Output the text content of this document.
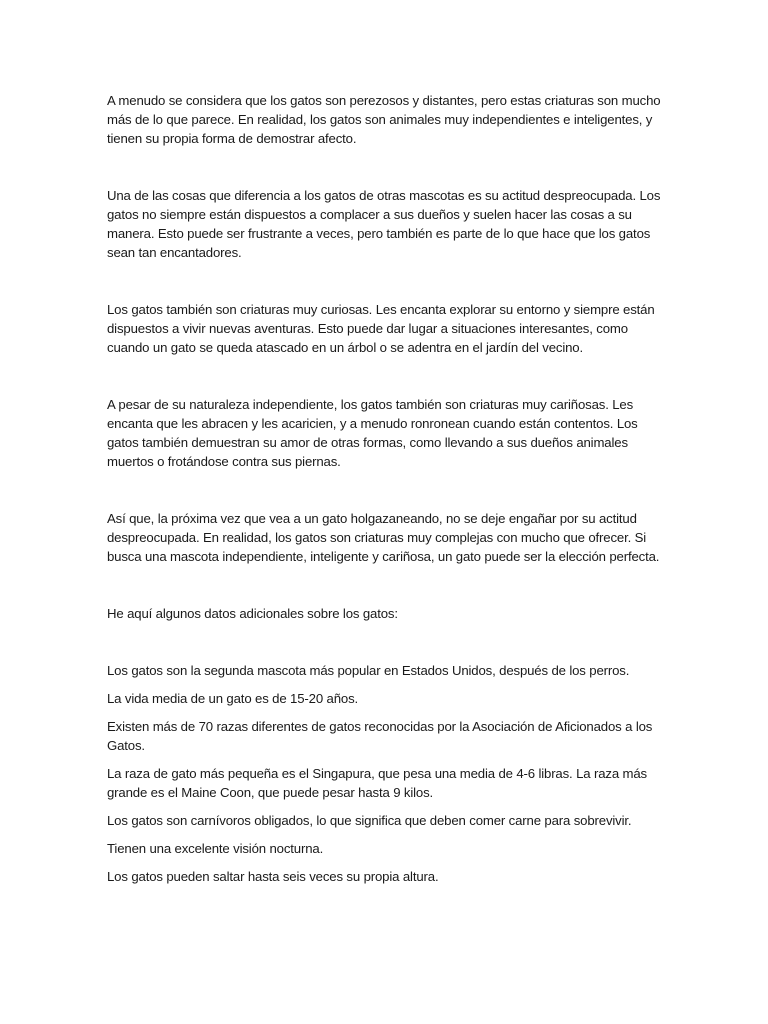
A menudo se considera que los gatos son perezosos y distantes, pero estas criaturas son mucho más de lo que parece. En realidad, los gatos son animales muy independientes e inteligentes, y tienen su propia forma de demostrar afecto.

Una de las cosas que diferencia a los gatos de otras mascotas es su actitud despreocupada. Los gatos no siempre están dispuestos a complacer a sus dueños y suelen hacer las cosas a su manera. Esto puede ser frustrante a veces, pero también es parte de lo que hace que los gatos sean tan encantadores.

Los gatos también son criaturas muy curiosas. Les encanta explorar su entorno y siempre están dispuestos a vivir nuevas aventuras. Esto puede dar lugar a situaciones interesantes, como cuando un gato se queda atascado en un árbol o se adentra en el jardín del vecino.

A pesar de su naturaleza independiente, los gatos también son criaturas muy cariñosas. Les encanta que les abracen y les acaricien, y a menudo ronronean cuando están contentos. Los gatos también demuestran su amor de otras formas, como llevando a sus dueños animales muertos o frotándose contra sus piernas.

Así que, la próxima vez que vea a un gato holgazaneando, no se deje engañar por su actitud despreocupada. En realidad, los gatos son criaturas muy complejas con mucho que ofrecer. Si busca una mascota independiente, inteligente y cariñosa, un gato puede ser la elección perfecta.

He aquí algunos datos adicionales sobre los gatos:

Los gatos son la segunda mascota más popular en Estados Unidos, después de los perros.
La vida media de un gato es de 15-20 años.
Existen más de 70 razas diferentes de gatos reconocidas por la Asociación de Aficionados a los Gatos.
La raza de gato más pequeña es el Singapura, que pesa una media de 4-6 libras. La raza más grande es el Maine Coon, que puede pesar hasta 9 kilos.
Los gatos son carnívoros obligados, lo que significa que deben comer carne para sobrevivir.
Tienen una excelente visión nocturna.
Los gatos pueden saltar hasta seis veces su propia altura.
